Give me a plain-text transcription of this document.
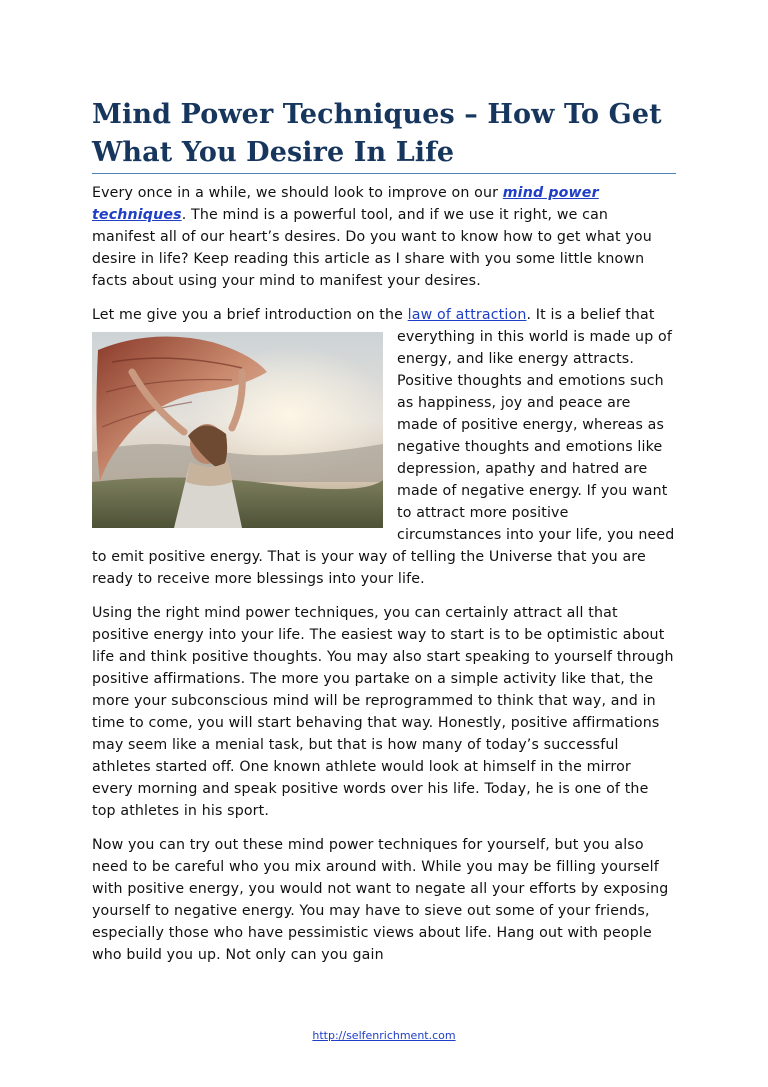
Mind Power Techniques – How To Get What You Desire In Life

Every once in a while, we should look to improve on our mind power techniques. The mind is a powerful tool, and if we use it right, we can manifest all of our heart’s desires. Do you want to know how to get what you desire in life? Keep reading this article as I share with you some little known facts about using your mind to manifest your desires.

Let me give you a brief introduction on the law of attraction
. It is a belief that everything in this world is made up of energy, and like energy attracts. Positive thoughts and emotions such as happiness, joy and peace are made of positive energy, whereas as negative thoughts and emotions like depression, apathy and hatred are made of negative energy. If you want to attract more positive circumstances into your life, you need to emit positive energy. That is your way of telling the Universe that you are ready to receive more blessings into your life.

Using the right mind power techniques, you can certainly attract all that positive energy into your life. The easiest way to start is to be optimistic about life and think positive thoughts. You may also start speaking to yourself through positive affirmations. The more you partake on a simple activity like that, the more your subconscious mind will be reprogrammed to think that way, and in time to come, you will start behaving that way. Honestly, positive affirmations may seem like a menial task, but that is how many of today’s successful athletes started off. One known athlete would look at himself in the mirror every morning and speak positive words over his life. Today, he is one of the top athletes in his sport.

Now you can try out these mind power techniques for yourself, but you also need to be careful who you mix around with. While you may be filling yourself with positive energy, you would not want to negate all your efforts by exposing yourself to negative energy. You may have to sieve out some of your friends, especially those who have pessimistic views about life. Hang out with people who build you up. Not only can you gain

http://selfenrichment.com
